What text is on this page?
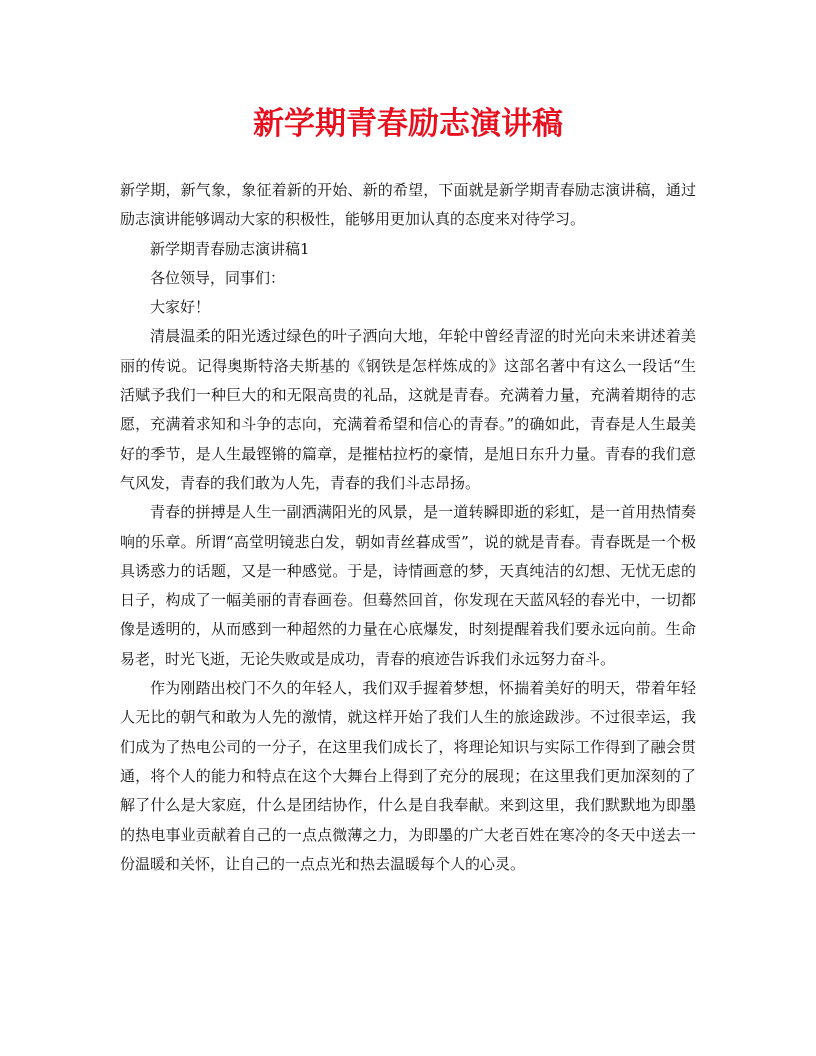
新学期青春励志演讲稿

新学期，新气象，象征着新的开始、新的希望，下面就是新学期青春励志演讲稿，通过励志演讲能够调动大家的积极性，能够用更加认真的态度来对待学习。

新学期青春励志演讲稿1

各位领导，同事们：

大家好！

清晨温柔的阳光透过绿色的叶子洒向大地，年轮中曾经青涩的时光向未来讲述着美丽的传说。记得奥斯特洛夫斯基的《钢铁是怎样炼成的》这部名著中有这么一段话“生活赋予我们一种巨大的和无限高贵的礼品，这就是青春。充满着力量，充满着期待的志愿，充满着求知和斗争的志向，充满着希望和信心的青春。”的确如此，青春是人生最美好的季节，是人生最铿锵的篇章，是摧枯拉朽的豪情，是旭日东升力量。青春的我们意气风发，青春的我们敢为人先，青春的我们斗志昂扬。

青春的拼搏是人生一副洒满阳光的风景，是一道转瞬即逝的彩虹，是一首用热情奏响的乐章。所谓“高堂明镜悲白发，朝如青丝暮成雪”，说的就是青春。青春既是一个极具诱惑力的话题，又是一种感觉。于是，诗情画意的梦，天真纯洁的幻想、无忧无虑的日子，构成了一幅美丽的青春画卷。但蓦然回首，你发现在天蓝风轻的春光中，一切都像是透明的，从而感到一种超然的力量在心底爆发，时刻提醒着我们要永远向前。生命易老，时光飞逝，无论失败或是成功，青春的痕迹告诉我们永远努力奋斗。

作为刚踏出校门不久的年轻人，我们双手握着梦想，怀揣着美好的明天，带着年轻人无比的朝气和敢为人先的激情，就这样开始了我们人生的旅途跋涉。不过很幸运，我们成为了热电公司的一分子，在这里我们成长了，将理论知识与实际工作得到了融会贯通，将个人的能力和特点在这个大舞台上得到了充分的展现；在这里我们更加深刻的了解了什么是大家庭，什么是团结协作，什么是自我奉献。来到这里，我们默默地为即墨的热电事业贡献着自己的一点点微薄之力，为即墨的广大老百姓在寒冷的冬天中送去一份温暖和关怀，让自己的一点点光和热去温暖每个人的心灵。
